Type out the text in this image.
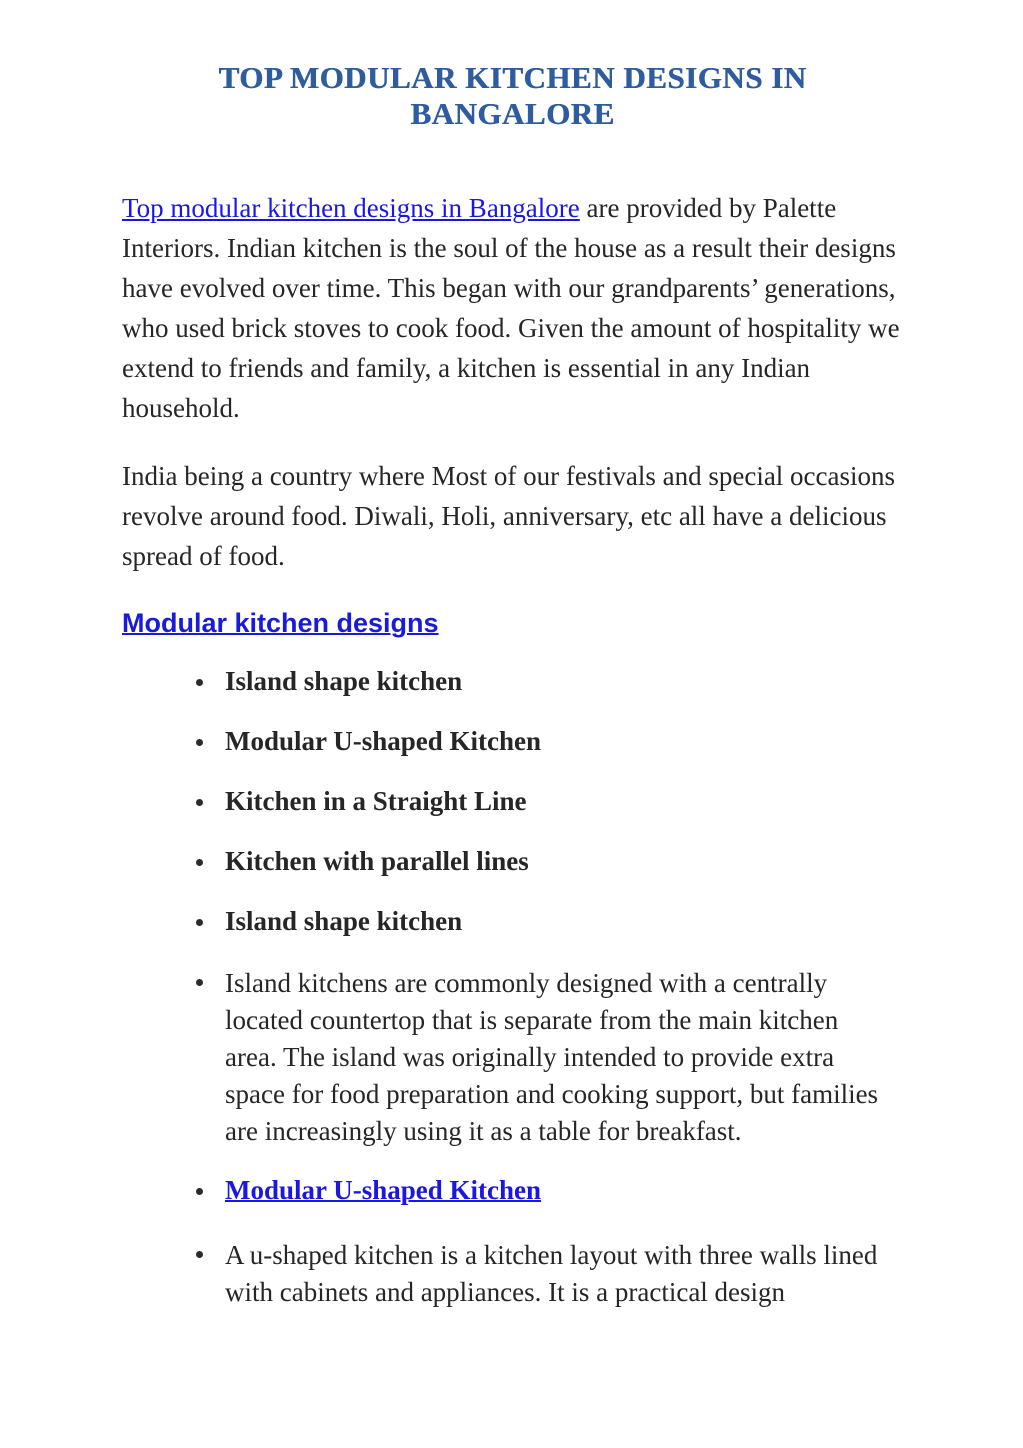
TOP MODULAR KITCHEN DESIGNS IN BANGALORE

Top modular kitchen designs in Bangalore are provided by Palette Interiors. Indian kitchen is the soul of the house as a result their designs have evolved over time. This began with our grandparents’ generations, who used brick stoves to cook food. Given the amount of hospitality we extend to friends and family, a kitchen is essential in any Indian household.

India being a country where Most of our festivals and special occasions revolve around food. Diwali, Holi, anniversary, etc all have a delicious spread of food.

Modular kitchen designs
Island shape kitchen
Modular U-shaped Kitchen
Kitchen in a Straight Line
Kitchen with parallel lines
Island shape kitchen
Island kitchens are commonly designed with a centrally located countertop that is separate from the main kitchen area. The island was originally intended to provide extra space for food preparation and cooking support, but families are increasingly using it as a table for breakfast.
Modular U-shaped Kitchen
A u-shaped kitchen is a kitchen layout with three walls lined with cabinets and appliances. It is a practical design
